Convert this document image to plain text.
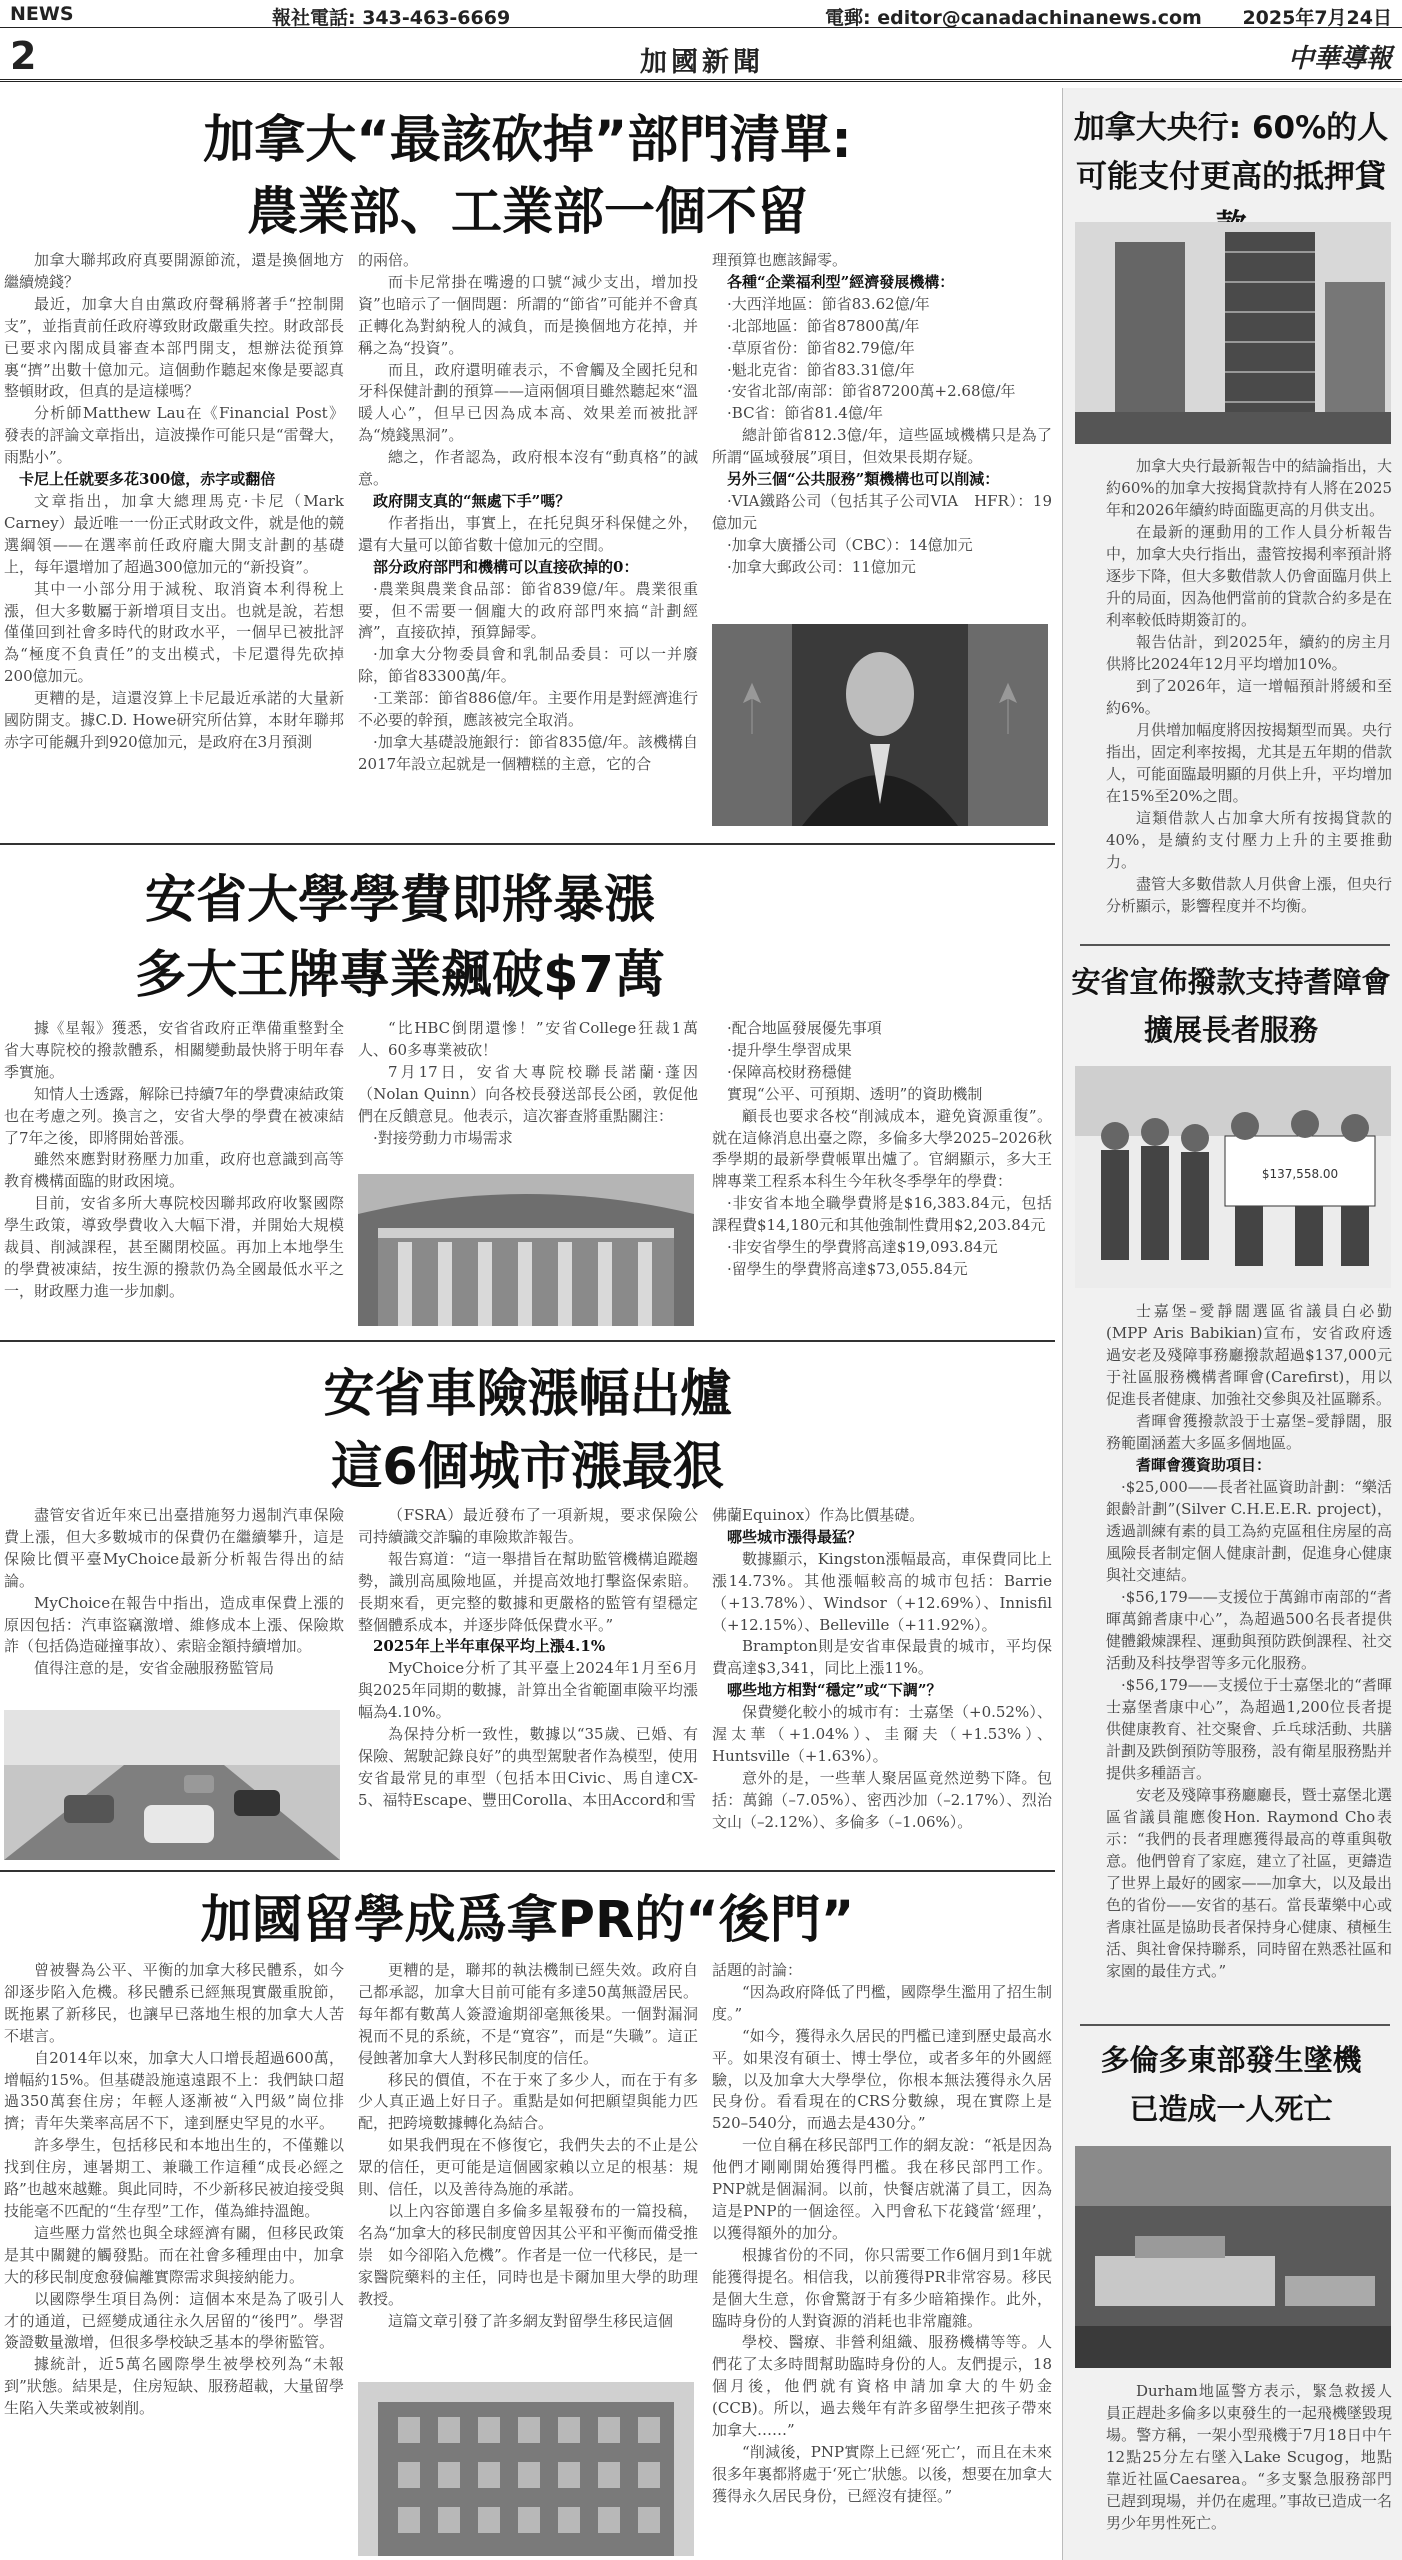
NEWS	報社電話: 343-463-6669	電郵: editor@canadachinanews.com 2025年7月24日
2	加國新聞	中華導報
加拿大“最該砍掉”部門清單:
農業部、工業部一個不留

加拿大聯邦政府真要開源節流，還是換個地方繼續燒錢？

最近，加拿大自由黨政府聲稱將著手“控制開支”，並指責前任政府導致財政嚴重失控。財政部長已要求內閣成員審查本部門開支，想辦法從預算裏“擠”出數十億加元。這個動作聽起來像是要認真整頓財政，但真的是這樣嗎？

分析師Matthew Lau在《Financial Post》發表的評論文章指出，這波操作可能只是“雷聲大，雨點小”。

卡尼上任就要多花300億，赤字或翻倍

文章指出，加拿大總理馬克·卡尼（Mark Carney）最近唯一一份正式財政文件，就是他的競選綱領——在選率前任政府龐大開支計劃的基礎上，每年還增加了超過300億加元的“新投資”。

其中一小部分用于減稅、取消資本利得稅上漲，但大多數屬于新增項目支出。也就是說，若想僅僅回到社會多時代的財政水平，一個早已被批評為“極度不負責任”的支出模式，卡尼還得先砍掉200億加元。

更糟的是，這還沒算上卡尼最近承諾的大量新國防開支。據C.D. Howe研究所估算，本財年聯邦赤字可能飆升到920億加元，是政府在3月預測

的兩倍。

而卡尼常掛在嘴邊的口號“減少支出，增加投資”也暗示了一個問題：所謂的“節省”可能并不會真正轉化為對納稅人的減負，而是換個地方花掉，并稱之為“投資”。

而且，政府還明確表示，不會觸及全國托兒和牙科保健計劃的預算——這兩個項目雖然聽起來“溫暖人心”，但早已因為成本高、效果差而被批評為“燒錢黑洞”。

總之，作者認為，政府根本沒有“動真格”的誠意。

政府開支真的“無處下手”嗎？

作者指出，事實上，在托兒與牙科保健之外，還有大量可以節省數十億加元的空間。

部分政府部門和機構可以直接砍掉的0：

·農業與農業食品部：節省839億/年。農業很重要，但不需要一個龐大的政府部門來搞“計劃經濟”，直接砍掉，預算歸零。

·加拿大分物委員會和乳制品委員：可以一并廢除，節省83300萬/年。

·工業部：節省886億/年。主要作用是對經濟進行不必要的幹預，應該被完全取消。

·加拿大基礎設施銀行：節省835億/年。該機構自2017年設立起就是一個糟糕的主意，它的合

理預算也應該歸零。

各種“企業福利型”經濟發展機構：

·大西洋地區：節省83.62億/年

·北部地區：節省87800萬/年

·草原省份：節省82.79億/年

·魁北克省：節省83.31億/年

·安省北部/南部：節省87200萬+2.68億/年

·BC省：節省81.4億/年

總計節省812.3億/年，這些區域機構只是為了所謂“區域發展”項目，但效果長期存疑。

另外三個“公共服務”類機構也可以削減：

·VIA鐵路公司（包括其子公司VIA　HFR）：19億加元

·加拿大廣播公司（CBC）：14億加元

·加拿大郵政公司：11億加元

安省大學學費即將暴漲
多大王牌專業飆破$7萬

據《星報》獲悉，安省省政府正準備重整對全省大專院校的撥款體系，相關變動最快將于明年春季實施。

知情人士透露，解除已持續7年的學費凍結政策也在考慮之列。換言之，安省大學的學費在被凍結了7年之後，即將開始普漲。

雖然來應對財務壓力加重，政府也意識到高等教育機構面臨的財政困境。

目前，安省多所大專院校因聯邦政府收緊國際學生政策，導致學費收入大幅下滑，并開始大規模裁員、削減課程，甚至關閉校區。再加上本地學生的學費被凍結，按生源的撥款仍為全國最低水平之一，財政壓力進一步加劇。

“比HBC倒閉還慘！”安省College狂裁1萬人、60多專業被砍！

7月17日，安省大專院校聯長諾蘭·蓬因（Nolan Quinn）向各校長發送部長公函，敦促他們在反饋意見。他表示，這次審查將重點關注：

·對接勞動力市場需求

·配合地區發展優先事項

·提升學生學習成果

·保障高校財務穩健

實現“公平、可預期、透明”的資助機制

顧長也要求各校“削減成本，避免資源重復”。就在這條消息出臺之際，多倫多大學2025–2026秋季學期的最新學費帳單出爐了。官網顯示，多大王牌專業工程系本科生今年秋冬季學年的學費：

·非安省本地全職學費將是$16,383.84元，包括課程費$14,180元和其他強制性費用$2,203.84元

·非安省學生的學費將高達$19,093.84元

·留學生的學費將高達$73,055.84元

安省車險漲幅出爐
這6個城市漲最狠

盡管安省近年來已出臺措施努力遏制汽車保險費上漲，但大多數城市的保費仍在繼續攀升，這是保險比價平臺MyChoice最新分析報告得出的結論。

MyChoice在報告中指出，造成車保費上漲的原因包括：汽車盜竊激增、維修成本上漲、保險欺詐（包括偽造碰撞事故）、索賠金額持續增加。

值得注意的是，安省金融服務監管局

（FSRA）最近發布了一項新規，要求保險公司持續識交詐騙的車險欺詐報告。

報告寫道：“這一舉措旨在幫助監管機構追蹤趨勢，識別高風險地區，并提高效地打擊盜保索賠。長期來看，更完整的數據和更嚴格的監管有望穩定整個體系成本，并逐步降低保費水平。”

2025年上半年車保平均上漲4.1%

MyChoice分析了其平臺上2024年1月至6月與2025年同期的數據，計算出全省範圍車險平均漲幅為4.10%。

為保持分析一致性，數據以“35歲、已婚、有保險、駕駛記錄良好”的典型駕駛者作為模型，使用安省最常見的車型（包括本田Civic、馬自達CX-5、福特Escape、豐田Corolla、本田Accord和雪

佛蘭Equinox）作為比價基礎。

哪些城市漲得最猛？

數據顯示，Kingston漲幅最高，車保費同比上漲14.73%。其他漲幅較高的城市包括：Barrie（+13.78%）、Windsor（+12.69%）、Innisfil（+12.15%）、Belleville（+11.92%）。

Brampton則是安省車保最貴的城市，平均保費高達$3,341，同比上漲11%。

哪些地方相對“穩定”或“下調”？

保費變化較小的城市有：士嘉堡（+0.52%）、渥太華（+1.04%）、圭爾夫（+1.53%）、Huntsville（+1.63%）。

意外的是，一些華人聚居區竟然逆勢下降。包括：萬錦（–7.05%）、密西沙加（–2.17%）、烈治文山（–2.12%）、多倫多（–1.06%）。

加國留學成爲拿PR的“後門”

曾被譽為公平、平衡的加拿大移民體系，如今卻逐步陷入危機。移民體系已經無現實嚴重脫節，既拖累了新移民，也讓早已落地生根的加拿大人苦不堪言。

自2014年以來，加拿大人口增長超過600萬，增幅約15%。但基礎設施遠遠跟不上：我們缺口超過350萬套住房；年輕人逐漸被“入門級”崗位排擠；青年失業率高居不下，達到歷史罕見的水平。

許多學生，包括移民和本地出生的，不僅難以找到住房，連暑期工、兼職工作這種“成長必經之路”也越來越難。與此同時，不少新移民被迫接受與技能毫不匹配的“生存型”工作，僅為維持溫飽。

這些壓力當然也與全球經濟有關，但移民政策是其中關鍵的觸發點。而在社會多種理由中，加拿大的移民制度愈發偏離實際需求與接納能力。

以國際學生項目為例：這個本來是為了吸引人才的通道，已經變成通往永久居留的“後門”。學習簽證數量激增，但很多學校缺乏基本的學術監管。

據統計，近5萬名國際學生被學校列為“未報到”狀態。結果是，住房短缺、服務超載，大量留學生陷入失業或被剝削。

更糟的是，聯邦的執法機制已經失效。政府自己都承認，加拿大目前可能有多達50萬無證居民。每年都有數萬人簽證逾期卻毫無後果。一個對漏洞視而不見的系統，不是“寬容”，而是“失職”。這正侵蝕著加拿大人對移民制度的信任。

移民的價值，不在于來了多少人，而在于有多少人真正過上好日子。重點是如何把願望與能力匹配，把跨境數據轉化為結合。

如果我們現在不修復它，我們失去的不止是公眾的信任，更可能是這個國家賴以立足的根基：規則、信任，以及善待為施的承諾。

以上內容節選自多倫多星報發布的一篇投稿，名為“加拿大的移民制度曾因其公平和平衡而備受推崇　如今卻陷入危機”。作者是一位一代移民，是一家醫院藥料的主任，同時也是卡爾加里大學的助理教授。

這篇文章引發了許多網友對留學生移民這個

話題的討論：

“因為政府降低了門檻，國際學生濫用了招生制度。”

“如今，獲得永久居民的門檻已達到歷史最高水平。如果沒有碩士、博士學位，或者多年的外國經驗，以及加拿大大學學位，你根本無法獲得永久居民身份。看看現在的CRS分數線，現在實際上是520–540分，而過去是430分。”

一位自稱在移民部門工作的網友說：“祇是因為他們才剛剛開始獲得門檻。我在移民部門工作。PNP就是個漏洞。以前，快餐店就滿了員工，因為這是PNP的一個途徑。入門會私下花錢當‘經理’，以獲得額外的加分。

根據省份的不同，你只需要工作6個月到1年就能獲得提名。相信我，以前獲得PR非常容易。移民是個大生意，你會驚訝于有多少暗箱操作。此外，臨時身份的人對資源的消耗也非常龐雜。

學校、醫療、非營利組織、服務機構等等。人們花了太多時間幫助臨時身份的人。友們提示，18個月後，他們就有資格申請加拿大的牛奶金(CCB)。所以，過去幾年有許多留學生把孩子帶來加拿大……”

“削減後，PNP實際上已經‘死亡’，而且在未來很多年裏都將處于‘死亡’狀態。以後，想要在加拿大獲得永久居民身份，已經沒有捷徑。”

加拿大央行: 60%的人
可能支付更高的抵押貸

加拿大央行最新報告中的結論指出，大約60%的加拿大按揭貸款持有人將在2025年和2026年續約時面臨更高的月供支出。

在最新的運動用的工作人員分析報告中，加拿大央行指出，盡管按揭利率預計將逐步下降，但大多數借款人仍會面臨月供上升的局面，因為他們當前的貸款合約多是在利率較低時期簽訂的。

報告估計，到2025年，續約的房主月供將比2024年12月平均增加10%。

到了2026年，這一增幅預計將緩和至約6%。

月供增加幅度將因按揭類型而異。央行指出，固定利率按揭，尤其是五年期的借款人，可能面臨最明顯的月供上升，平均增加在15%至20%之間。

這類借款人占加拿大所有按揭貸款的40%，是續約支付壓力上升的主要推動力。

盡管大多數借款人月供會上漲，但央行分析顯示，影響程度并不均衡。

安省宣佈撥款支持耆障會
擴展長者服務
$137,558.00

士嘉堡–愛靜闊選區省議員白必勤(MPP Aris Babikian)宣布，安省政府透過安老及殘障事務廳撥款超過$137,000元于社區服務機構耆暉會(Carefirst)，用以促進長者健康、加強社交參與及社區聯系。

耆暉會獲撥款設于士嘉堡–愛靜闊，服務範圍涵蓋大多區多個地區。

耆暉會獲資助項目：

·$25,000——長者社區資助計劃：“樂活銀齡計劃”(Silver C.H.E.E.R. project)，透過訓練有素的員工為約克區租住房屋的高風險長者制定個人健康計劃，促進身心健康與社交連結。

·$56,179——支援位于萬錦市南部的“耆暉萬錦耆康中心”，為超過500名長者提供健體鍛煉課程、運動與預防跌倒課程、社交活動及科技學習等多元化服務。

·$56,179——支援位于士嘉堡北的“耆暉士嘉堡耆康中心”，為超過1,200位長者提供健康教育、社交聚會、乒乓球活動、共膳計劃及跌倒預防等服務，設有衛星服務點并提供多種語言。

安老及殘障事務廳廳長，暨士嘉堡北選區省議員龍應俊Hon. Raymond Cho表示：“我們的長者理應獲得最高的尊重與敬意。他們曾育了家庭，建立了社區，更鑄造了世界上最好的國家——加拿大，以及最出色的省份——安省的基石。當長輩樂中心或耆康社區是協助長者保持身心健康、積極生活、與社會保持聯系，同時留在熟悉社區和家園的最佳方式。”

多倫多東部發生墜機
已造成一人死亡

Durham地區警方表示，緊急救援人員正趕赴多倫多以東發生的一起飛機墜毀現場。警方稱，一架小型飛機于7月18日中午12點25分左右墜入Lake Scugog，地點靠近社區Caesarea。“多支緊急服務部門已趕到現場，并仍在處理。”事故已造成一名男少年男性死亡。
